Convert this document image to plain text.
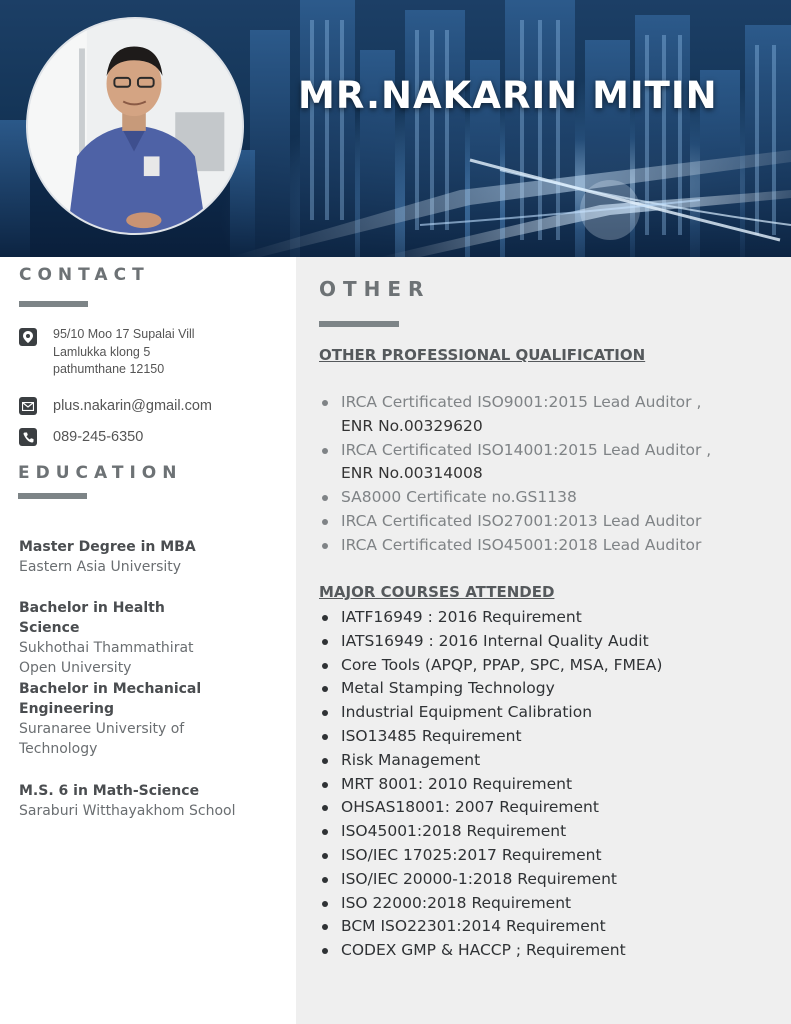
MR.NAKARIN MITIN
CONTACT
95/10 Moo 17 Supalai Vill
Lamlukka klong 5
pathumthane 12150
plus.nakarin@gmail.com
089-245-6350
EDUCATION
Master Degree in MBA
Eastern Asia University
Bachelor in Health Science
Sukhothai Thammathirat Open University
Bachelor in Mechanical Engineering
Suranaree University of Technology
M.S. 6 in Math-Science
Saraburi Witthayakhom School
OTHER
OTHER PROFESSIONAL QUALIFICATION
IRCA Certificated ISO9001:2015 Lead Auditor ,
ENR No.00329620
IRCA Certificated ISO14001:2015 Lead Auditor ,
ENR No.00314008
SA8000 Certificate no.GS1138
IRCA Certificated ISO27001:2013 Lead Auditor
IRCA Certificated ISO45001:2018 Lead Auditor
MAJOR COURSES ATTENDED
IATF16949 : 2016 Requirement
IATS16949 : 2016 Internal Quality Audit
Core Tools (APQP, PPAP, SPC, MSA, FMEA)
Metal Stamping Technology
Industrial Equipment Calibration
ISO13485 Requirement
Risk Management
MRT 8001: 2010 Requirement
OHSAS18001: 2007 Requirement
ISO45001:2018 Requirement
ISO/IEC 17025:2017 Requirement
ISO/IEC 20000-1:2018 Requirement
ISO 22000:2018 Requirement
BCM ISO22301:2014 Requirement
CODEX GMP & HACCP ; Requirement
